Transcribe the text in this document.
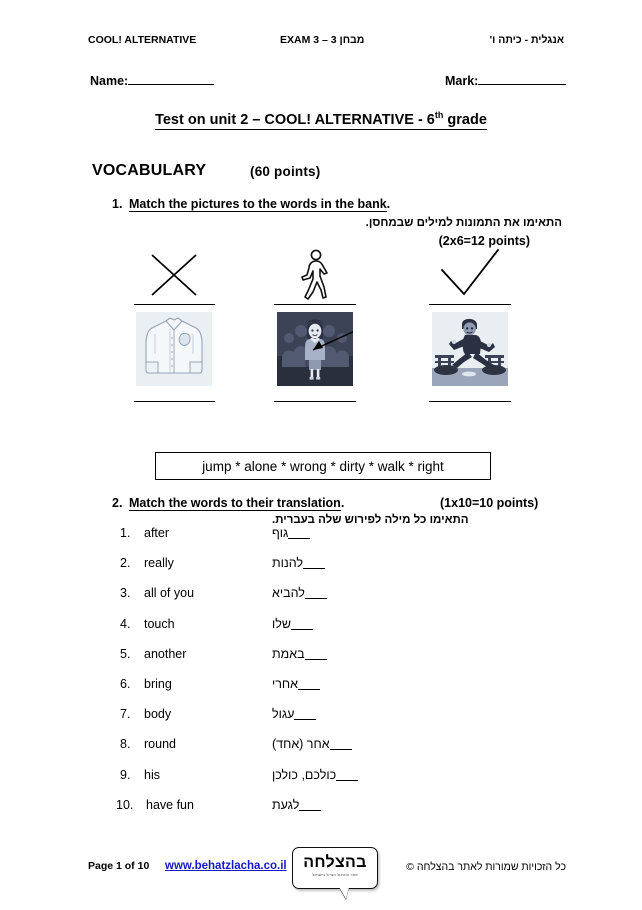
COOL! ALTERNATIVE	EXAM 3 – 3 מבחן	אנגלית - כיתה ו'
Name:	Mark:
Test on unit 2 – COOL! ALTERNATIVE - 6th grade
VOCABULARY	(60 points)
1. Match the pictures to the words in the bank.
התאימו את התמונות למילים שבמחסן.
(2x6=12 points)
jump * alone * wrong * dirty * walk * right
2. Match the words to their translation.	(1x10=10 points)
התאימו כל מילה לפירוש שלה בעברית.
1.	after	גוף
2.	really	להנות
3.	all of you	להביא
4.	touch	שלו
5.	another	באמת
6.	bring	אחרי
7.	body	עגול
8.	round	אחר (אחד)
9.	his	כולכם, כולכן
10.	have fun	לגעת
Page 1 of 10 www.behatzlacha.co.il	בהצלחה
אתר התרגול הגדול בישראל
כל הזכויות שמורות לאתר בהצלחה ©
